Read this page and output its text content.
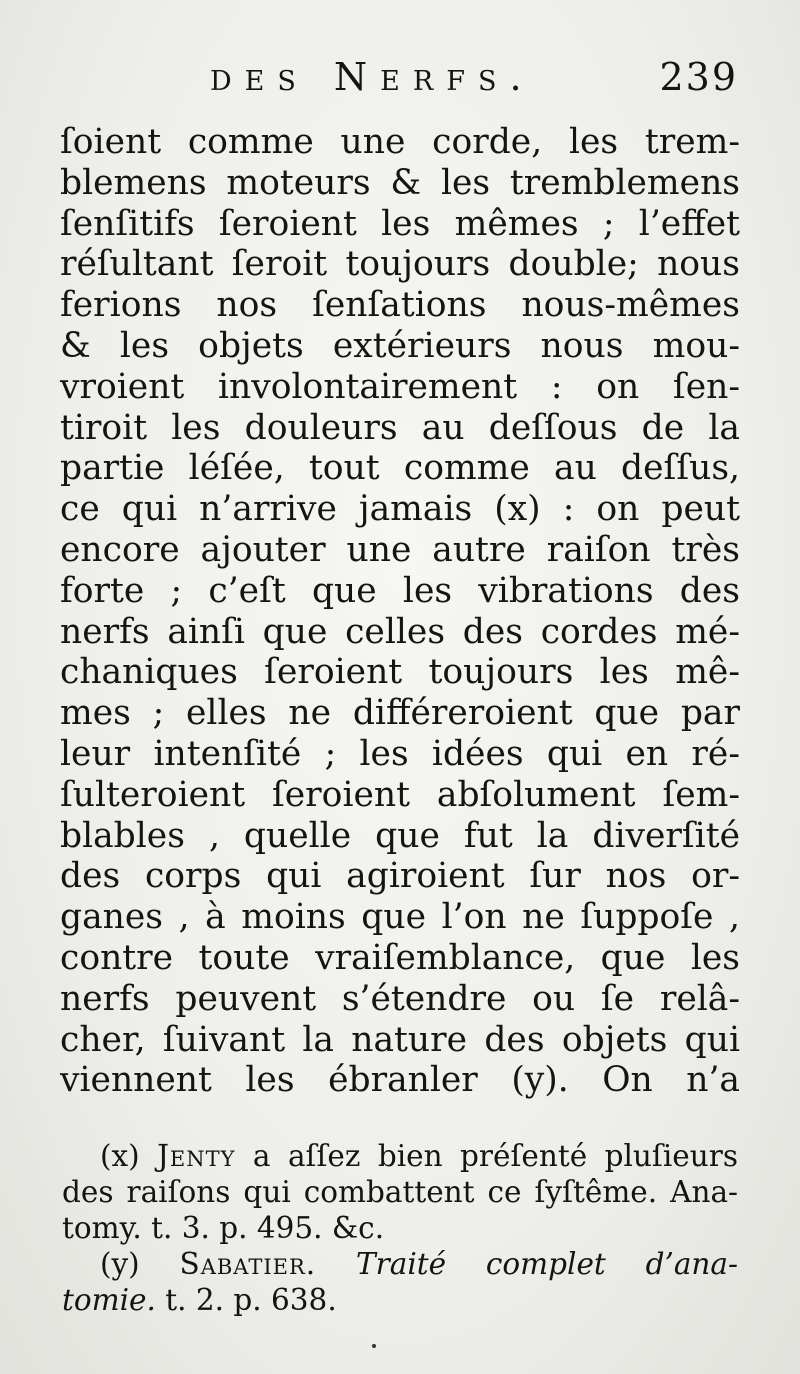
des Nerfs.	239
ſoient comme une corde, les trem-
blemens moteurs & les tremblemens
ſenſitifs ſeroient les mêmes ; l’effet
réſultant ſeroit toujours double; nous
ferions nos ſenſations nous-mêmes
& les objets extérieurs nous mou-
vroient involontairement : on ſen-
tiroit les douleurs au deſſous de la
partie léſée, tout comme au deſſus,
ce qui n’arrive jamais (x) : on peut
encore ajouter une autre raiſon très
forte ; c’eſt que les vibrations des
nerfs ainſi que celles des cordes mé-
chaniques ſeroient toujours les mê-
mes ; elles ne différeroient que par
leur intenſité ; les idées qui en ré-
ſulteroient ſeroient abſolument ſem-
blables , quelle que fut la diverſité
des corps qui agiroient ſur nos or-
ganes , à moins que l’on ne ſuppoſe ,
contre toute vraiſemblance, que les
nerfs peuvent s’étendre ou ſe relâ-
cher, ſuivant la nature des objets qui
viennent les ébranler (y). On n’a
(x) Jenty a aſſez bien préſenté pluſieurs
des raiſons qui combattent ce ſyſtême. Ana-
tomy. t. 3. p. 495. &c.
(y) Sabatier. Traité complet d’ana-
tomie. t. 2. p. 638.
